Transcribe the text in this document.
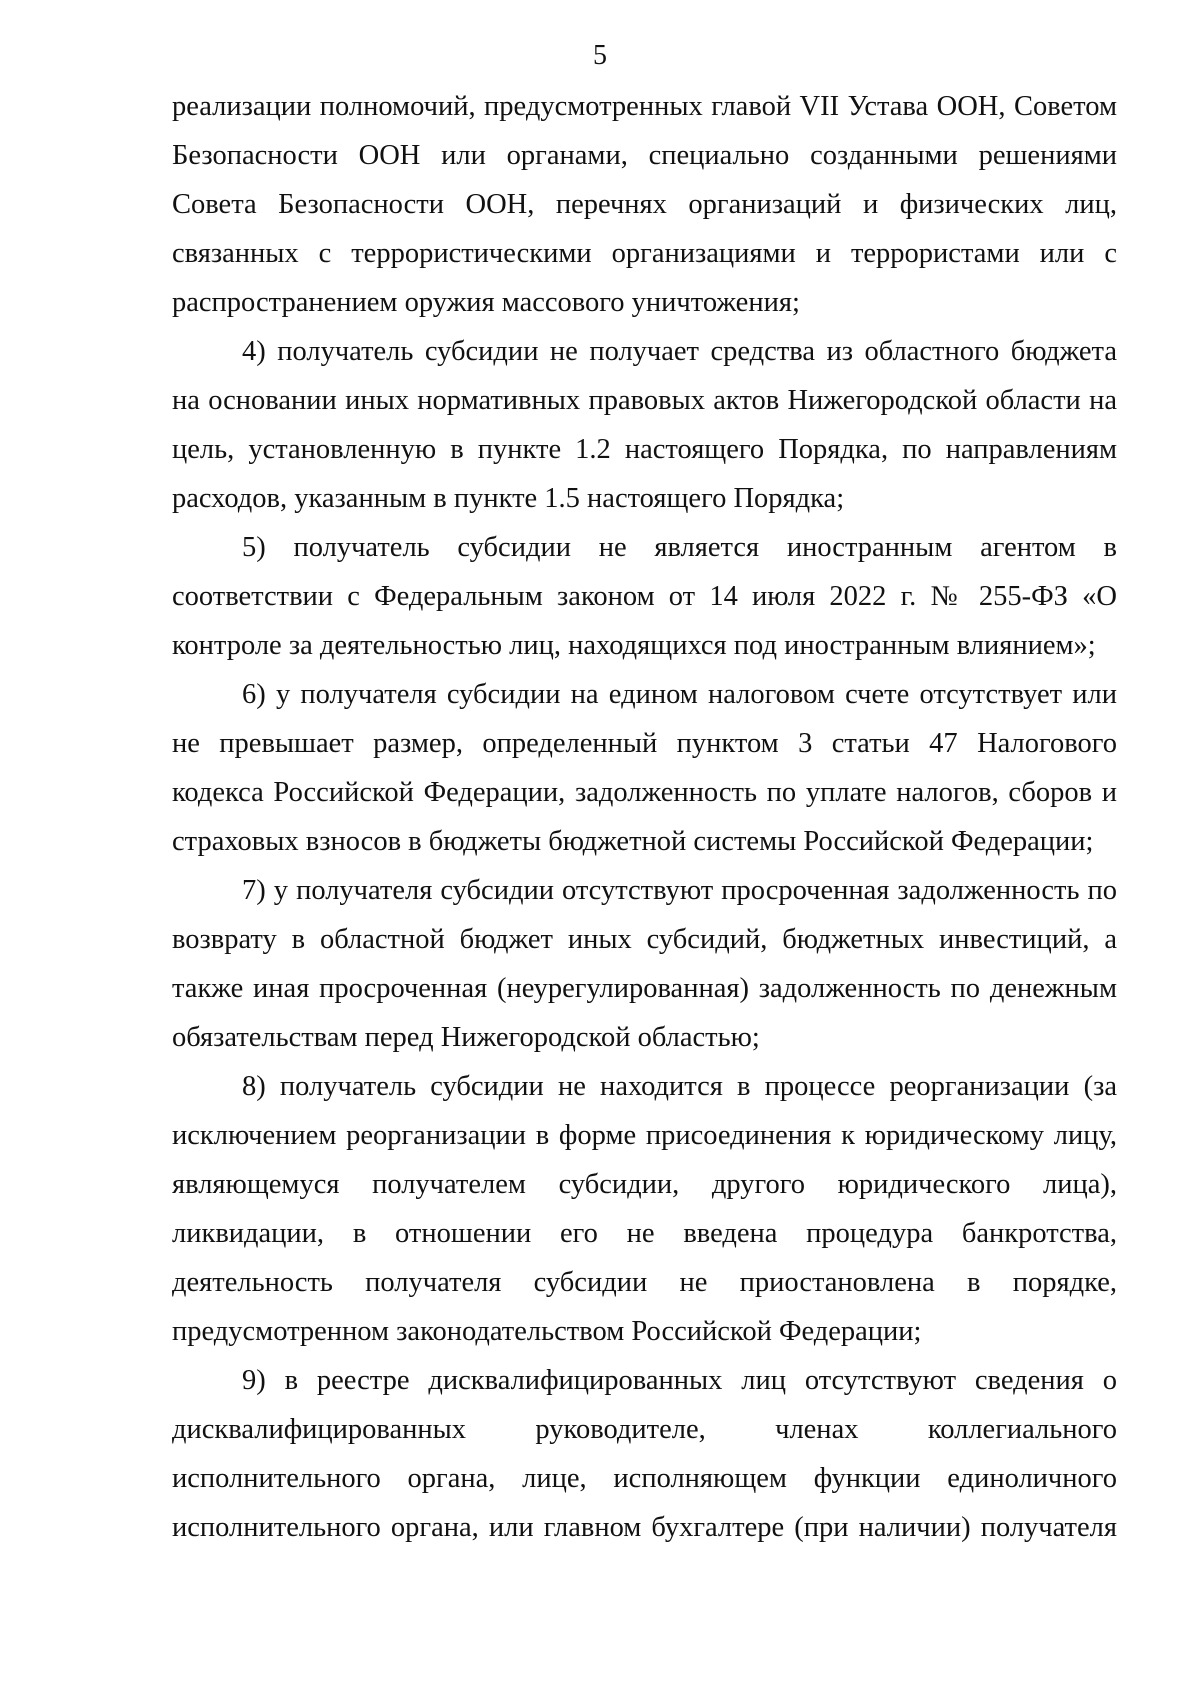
5

реализации полномочий, предусмотренных главой VII Устава ООН, Советом Безопасности ООН или органами, специально созданными решениями Совета Безопасности ООН, перечнях организаций и физических лиц, связанных с террористическими организациями и террористами или с распространением оружия массового уничтожения;

4) получатель субсидии не получает средства из областного бюджета на основании иных нормативных правовых актов Нижегородской области на цель, установленную в пункте 1.2 настоящего Порядка, по направлениям расходов, указанным в пункте 1.5 настоящего Порядка;

5) получатель субсидии не является иностранным агентом в соответствии с Федеральным законом от 14 июля 2022 г. № 255-ФЗ «О контроле за деятельностью лиц, находящихся под иностранным влиянием»;

6) у получателя субсидии на едином налоговом счете отсутствует или не превышает размер, определенный пунктом 3 статьи 47 Налогового кодекса Российской Федерации, задолженность по уплате налогов, сборов и страховых взносов в бюджеты бюджетной системы Российской Федерации;

7) у получателя субсидии отсутствуют просроченная задолженность по возврату в областной бюджет иных субсидий, бюджетных инвестиций, а также иная просроченная (неурегулированная) задолженность по денежным обязательствам перед Нижегородской областью;

8) получатель субсидии не находится в процессе реорганизации (за исключением реорганизации в форме присоединения к юридическому лицу, являющемуся получателем субсидии, другого юридического лица), ликвидации, в отношении его не введена процедура банкротства, деятельность получателя субсидии не приостановлена в порядке, предусмотренном законодательством Российской Федерации;

9) в реестре дисквалифицированных лиц отсутствуют сведения о дисквалифицированных руководителе, членах коллегиального исполнительного органа, лице, исполняющем функции единоличного исполнительного органа, или главном бухгалтере (при наличии) получателя
